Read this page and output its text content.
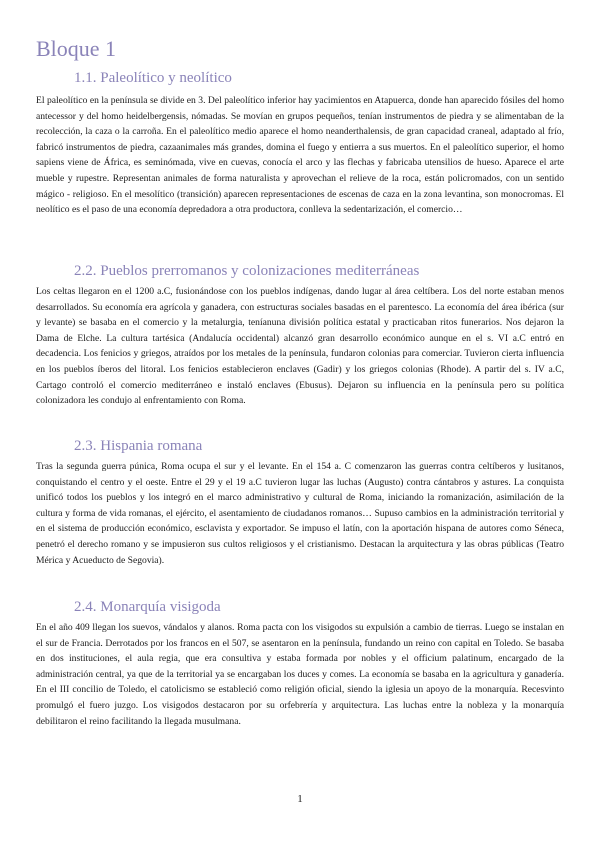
Bloque 1
1.1. Paleolítico y neolítico

El paleolítico en la península se divide en 3. Del paleolítico inferior hay yacimientos en Atapuerca, donde han aparecido fósiles del homo antecessor y del homo heidelbergensis, nómadas. Se movían en grupos pequeños, tenían instrumentos de piedra y se alimentaban de la recolección, la caza o la carroña. En el paleolítico medio aparece el homo neanderthalensis, de gran capacidad craneal, adaptado al frío, fabricó instrumentos de piedra, cazaanimales más grandes, domina el fuego y entierra a sus muertos. En el paleolítico superior, el homo sapiens viene de África, es seminómada, vive en cuevas, conocía el arco y las flechas y fabricaba utensilios de hueso. Aparece el arte mueble y rupestre. Representan animales de forma naturalista y aprovechan el relieve de la roca, están policromados, con un sentido mágico - religioso. En el mesolítico (transición) aparecen representaciones de escenas de caza en la zona levantina, son monocromas. El neolítico es el paso de una economía depredadora a otra productora, conlleva la sedentarización, el comercio…

2.2. Pueblos prerromanos y colonizaciones mediterráneas

Los celtas llegaron en el 1200 a.C, fusionándose con los pueblos indígenas, dando lugar al área celtíbera. Los del norte estaban menos desarrollados. Su economía era agrícola y ganadera, con estructuras sociales basadas en el parentesco. La economía del área ibérica (sur y levante) se basaba en el comercio y la metalurgia, teníanuna división política estatal y practicaban ritos funerarios. Nos dejaron la Dama de Elche. La cultura tartésica (Andalucía occidental) alcanzó gran desarrollo económico aunque en el s. VI a.C entró en decadencia. Los fenicios y griegos, atraídos por los metales de la península, fundaron colonias para comerciar. Tuvieron cierta influencia en los pueblos íberos del litoral. Los fenicios establecieron enclaves (Gadir) y los griegos colonias (Rhode). A partir del s. IV a.C, Cartago controló el comercio mediterráneo e instaló enclaves (Ebusus). Dejaron su influencia en la península pero su política colonizadora les condujo al enfrentamiento con Roma.

2.3. Hispania romana

Tras la segunda guerra púnica, Roma ocupa el sur y el levante. En el 154 a. C comenzaron las guerras contra celtíberos y lusitanos, conquistando el centro y el oeste. Entre el 29 y el 19 a.C tuvieron lugar las luchas (Augusto) contra cántabros y astures. La conquista unificó todos los pueblos y los integró en el marco administrativo y cultural de Roma, iniciando la romanización, asimilación de la cultura y forma de vida romanas, el ejército, el asentamiento de ciudadanos romanos… Supuso cambios en la administración territorial y en el sistema de producción económico, esclavista y exportador. Se impuso el latín, con la aportación hispana de autores como Séneca, penetró el derecho romano y se impusieron sus cultos religiosos y el cristianismo. Destacan la arquitectura y las obras públicas (Teatro Mérica y Acueducto de Segovia).

2.4. Monarquía visigoda

En el año 409 llegan los suevos, vándalos y alanos. Roma pacta con los visigodos su expulsión a cambio de tierras. Luego se instalan en el sur de Francia. Derrotados por los francos en el 507, se asentaron en la península, fundando un reino con capital en Toledo. Se basaba en dos instituciones, el aula regia, que era consultiva y estaba formada por nobles y el officium palatinum, encargado de la administración central, ya que de la territorial ya se encargaban los duces y comes. La economía se basaba en la agricultura y ganadería. En el III concilio de Toledo, el catolicismo se estableció como religión oficial, siendo la iglesia un apoyo de la monarquía. Recesvinto promulgó el fuero juzgo. Los visigodos destacaron por su orfebrería y arquitectura. Las luchas entre la nobleza y la monarquía debilitaron el reino facilitando la llegada musulmana.

1
